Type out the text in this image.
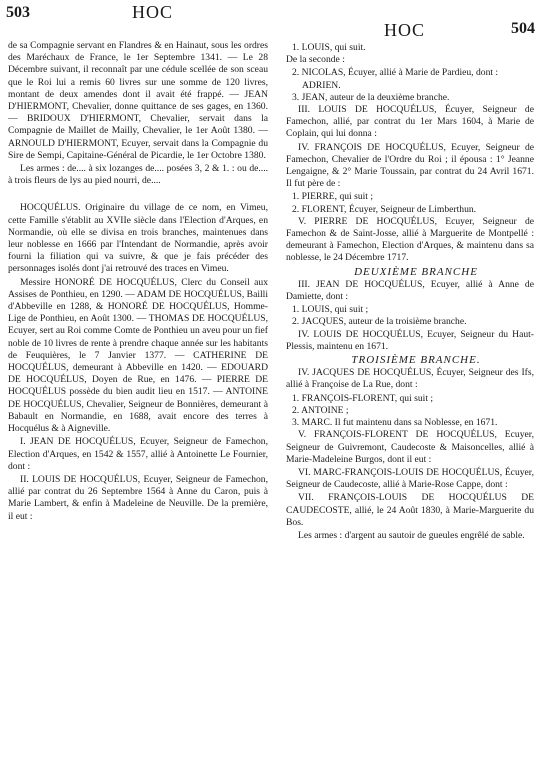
503	HOC
HOC	504

de sa Compagnie servant en Flandres & en Hainaut, sous les ordres des Maréchaux de France, le 1er Septembre 1341. — Le 28 Décembre suivant, il reconnaît par une cédule scellée de son sceau que le Roi lui a remis 60 livres sur une somme de 120 livres, montant de deux amendes dont il avait été frappé. — JEAN D'HIERMONT, Chevalier, donne quittance de ses gages, en 1360. — BRIDOUX D'HIERMONT, Chevalier, servait dans la Compagnie de Maillet de Mailly, Chevalier, le 1er Août 1380. — ARNOULD D'HIERMONT, Ecuyer, servait dans la Compagnie du Sire de Sempi, Capitaine-Général de Picardie, le 1er Octobre 1380.

Les armes : de.... à six lozanges de.... posées 3, 2 & 1. : ou de.... à trois fleurs de lys au pied nourri, de....

HOCQUÉLUS. Originaire du village de ce nom, en Vimeu, cette Famille s'établit au XVIIe siècle dans l'Election d'Arques, en Normandie, où elle se divisa en trois branches, maintenues dans leur noblesse en 1666 par l'Intendant de Normandie, après avoir fourni la filiation qui va suivre, & que je fais précéder des personnages isolés dont j'ai retrouvé des traces en Vimeu.

Messire HONORÉ DE HOCQUÉLUS, Clerc du Conseil aux Assises de Ponthieu, en 1290. — ADAM DE HOCQUÉLUS, Bailli d'Abbeville en 1288, & HONORÉ DE HOCQUÉLUS, Homme-Lige de Ponthieu, en Août 1300. — THOMAS DE HOCQUÉLUS, Ecuyer, sert au Roi comme Comte de Ponthieu un aveu pour un fief noble de 10 livres de rente à prendre chaque année sur les habitants de Feuquières, le 7 Janvier 1377. — CATHERINE DE HOCQUÉLUS, demeurant à Abbeville en 1420. — EDOUARD DE HOCQUÉLUS, Doyen de Rue, en 1476. — PIERRE DE HOCQUÉLUS possède du bien audit lieu en 1517. — ANTOINE DE HOCQUÉLUS, Chevalier, Seigneur de Bonnières, demeurant à Babault en Normandie, en 1688, avait encore des terres à Hocquélus & à Aigneville.

I. JEAN DE HOCQUÉLUS, Ecuyer, Seigneur de Famechon, Election d'Arques, en 1542 & 1557, allié à Antoinette Le Fournier, dont :

II. LOUIS DE HOCQUÉLUS, Ecuyer, Seigneur de Famechon, allié par contrat du 26 Septembre 1564 à Anne du Caron, puis à Marie Lambert, & enfin à Madeleine de Neuville. De la première, il eut :

1. LOUIS, qui suit.

De la seconde :

2. NICOLAS, Écuyer, allié à Marie de Pardieu, dont :

ADRIEN.

3. JEAN, auteur de la deuxième branche.

III. LOUIS DE HOCQUÉLUS, Écuyer, Seigneur de Famechon, allié, par contrat du 1er Mars 1604, à Marie de Coplain, qui lui donna :

IV. FRANÇOIS DE HOCQUÉLUS, Ecuyer, Seigneur de Famechon, Chevalier de l'Ordre du Roi ; il épousa : 1° Jeanne Lengaigne, & 2° Marie Toussain, par contrat du 24 Avril 1671. Il fut père de :

1. PIERRE, qui suit ;

2. FLORENT, Écuyer, Seigneur de Limberthun.

V. PIERRE DE HOCQUÉLUS, Ecuyer, Seigneur de Famechon & de Saint-Josse, allié à Marguerite de Montpellé : demeurant à Famechon, Election d'Arques, & maintenu dans sa noblesse, le 24 Décembre 1717.

DEUXIÈME BRANCHE

III. JEAN DE HOCQUÉLUS, Ecuyer, allié à Anne de Damiette, dont :

1. LOUIS, qui suit ;

2. JACQUES, auteur de la troisième branche.

IV. LOUIS DE HOCQUÉLUS, Ecuyer, Seigneur du Haut-Plessis, maintenu en 1671.

TROISIÈME BRANCHE.

IV. JACQUES DE HOCQUÉLUS, Écuyer, Seigneur des Ifs, allié à Françoise de La Rue, dont :

1. FRANÇOIS-FLORENT, qui suit ;

2. ANTOINE ;

3. MARC. Il fut maintenu dans sa Noblesse, en 1671.

V. FRANÇOIS-FLORENT DE HOCQUÉLUS, Ecuyer, Seigneur de Guivremont, Caudecoste & Maisoncelles, allié à Marie-Madeleine Burgos, dont il eut :

VI. MARC-FRANÇOIS-LOUIS DE HOCQUÉLUS, Écuyer, Seigneur de Caudecoste, allié à Marie-Rose Cappe, dont :

VII. FRANÇOIS-LOUIS DE HOCQUÉLUS DE CAUDECOSTE, allié, le 24 Août 1830, à Marie-Marguerite du Bos.

Les armes : d'argent au sautoir de gueules engrêlé de sable.
